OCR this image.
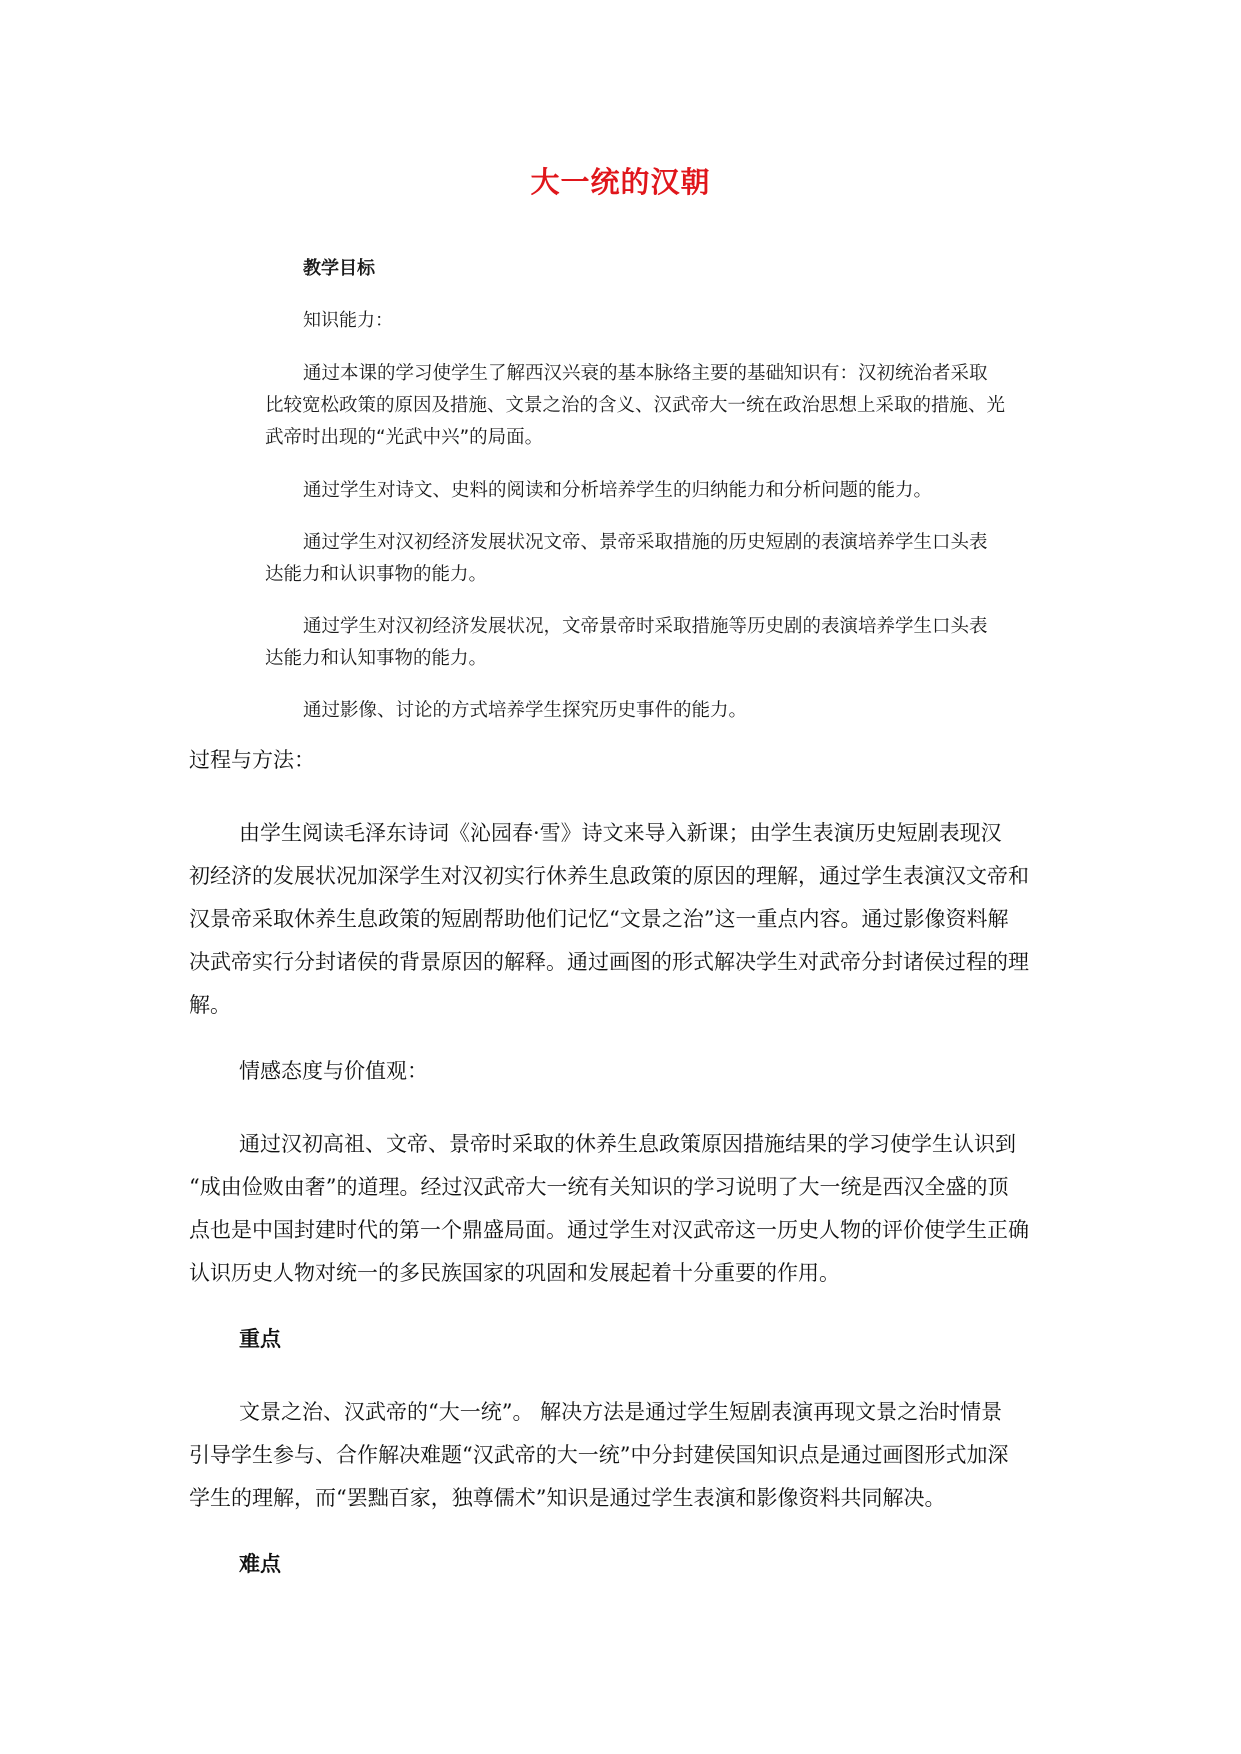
大一统的汉朝

教学目标

知识能力：

通过本课的学习使学生了解西汉兴衰的基本脉络主要的基础知识有：汉初统治者采取

比较宽松政策的原因及措施、文景之治的含义、汉武帝大一统在政治思想上采取的措施、光

武帝时出现的“光武中兴”的局面。

通过学生对诗文、史料的阅读和分析培养学生的归纳能力和分析问题的能力。

通过学生对汉初经济发展状况文帝、景帝采取措施的历史短剧的表演培养学生口头表

达能力和认识事物的能力。

通过学生对汉初经济发展状况，文帝景帝时采取措施等历史剧的表演培养学生口头表

达能力和认知事物的能力。

通过影像、讨论的方式培养学生探究历史事件的能力。

过程与方法：

由学生阅读毛泽东诗词《沁园春·雪》诗文来导入新课；由学生表演历史短剧表现汉

初经济的发展状况加深学生对汉初实行休养生息政策的原因的理解，通过学生表演汉文帝和

汉景帝采取休养生息政策的短剧帮助他们记忆“文景之治”这一重点内容。通过影像资料解

决武帝实行分封诸侯的背景原因的解释。通过画图的形式解决学生对武帝分封诸侯过程的理

解。

情感态度与价值观：

通过汉初高祖、文帝、景帝时采取的休养生息政策原因措施结果的学习使学生认识到

“成由俭败由奢”的道理。经过汉武帝大一统有关知识的学习说明了大一统是西汉全盛的顶

点也是中国封建时代的第一个鼎盛局面。通过学生对汉武帝这一历史人物的评价使学生正确

认识历史人物对统一的多民族国家的巩固和发展起着十分重要的作用。

重点

文景之治、汉武帝的“大一统”。 解决方法是通过学生短剧表演再现文景之治时情景

引导学生参与、合作解决难题“汉武帝的大一统”中分封建侯国知识点是通过画图形式加深

学生的理解，而“罢黜百家，独尊儒术”知识是通过学生表演和影像资料共同解决。

难点
